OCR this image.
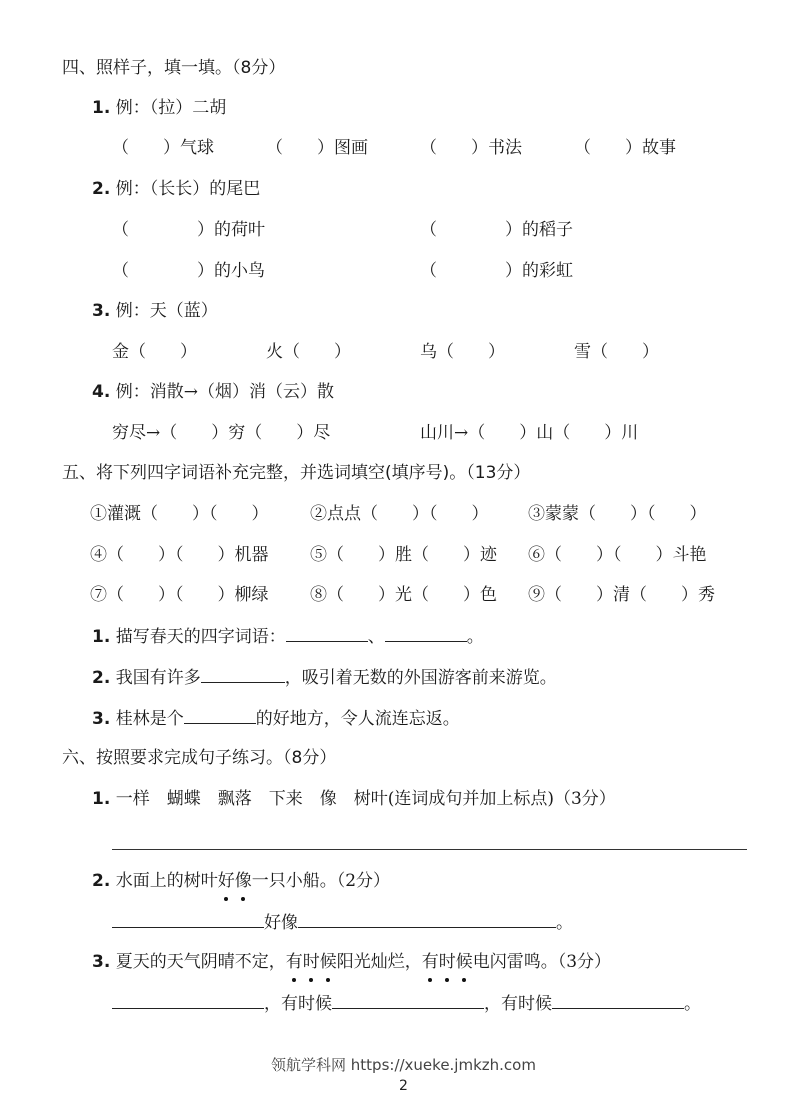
四、照样子，填一填。（8分）
1. 例：（拉）二胡
（　　）气球	（　　）图画	（　　）书法	（　　）故事
2. 例：（长长）的尾巴
（　　　　）的荷叶	（　　　　）的稻子
（　　　　）的小鸟	（　　　　）的彩虹
3. 例：天（蓝）
金（　　）	火（　　）	乌（　　）	雪（　　）
4. 例：消散→（烟）消（云）散
穷尽→（　　）穷（　　）尽	山川→（　　）山（　　）川
五、将下列四字词语补充完整，并选词填空(填序号)。（13分）
①灌溉（　　）（　　） ②点点（　　）（　　） ③蒙蒙（　　）（　　）
④（　　）（　　）机器 ⑤（　　）胜（　　）迹 ⑥（　　）（　　）斗艳
⑦（　　）（　　）柳绿 ⑧（　　）光（　　）色 ⑨（　　）清（　　）秀
1. 描写春天的四字词语：	、	。
2. 我国有许多	，吸引着无数的外国游客前来游览。
3. 桂林是个	的好地方，令人流连忘返。
六、按照要求完成句子练习。（8分）
1. 一样　蝴蝶　飘落　下来　像　树叶(连词成句并加上标点)（3分）
2. 水面上的树叶好像一只小船。（2分）
好像	。
3. 夏天的天气阴晴不定，有时候阳光灿烂，有时候电闪雷鸣。（3分）
，有时候	，有时候	。
领航学科网 https://xueke.jmkzh.com
2
